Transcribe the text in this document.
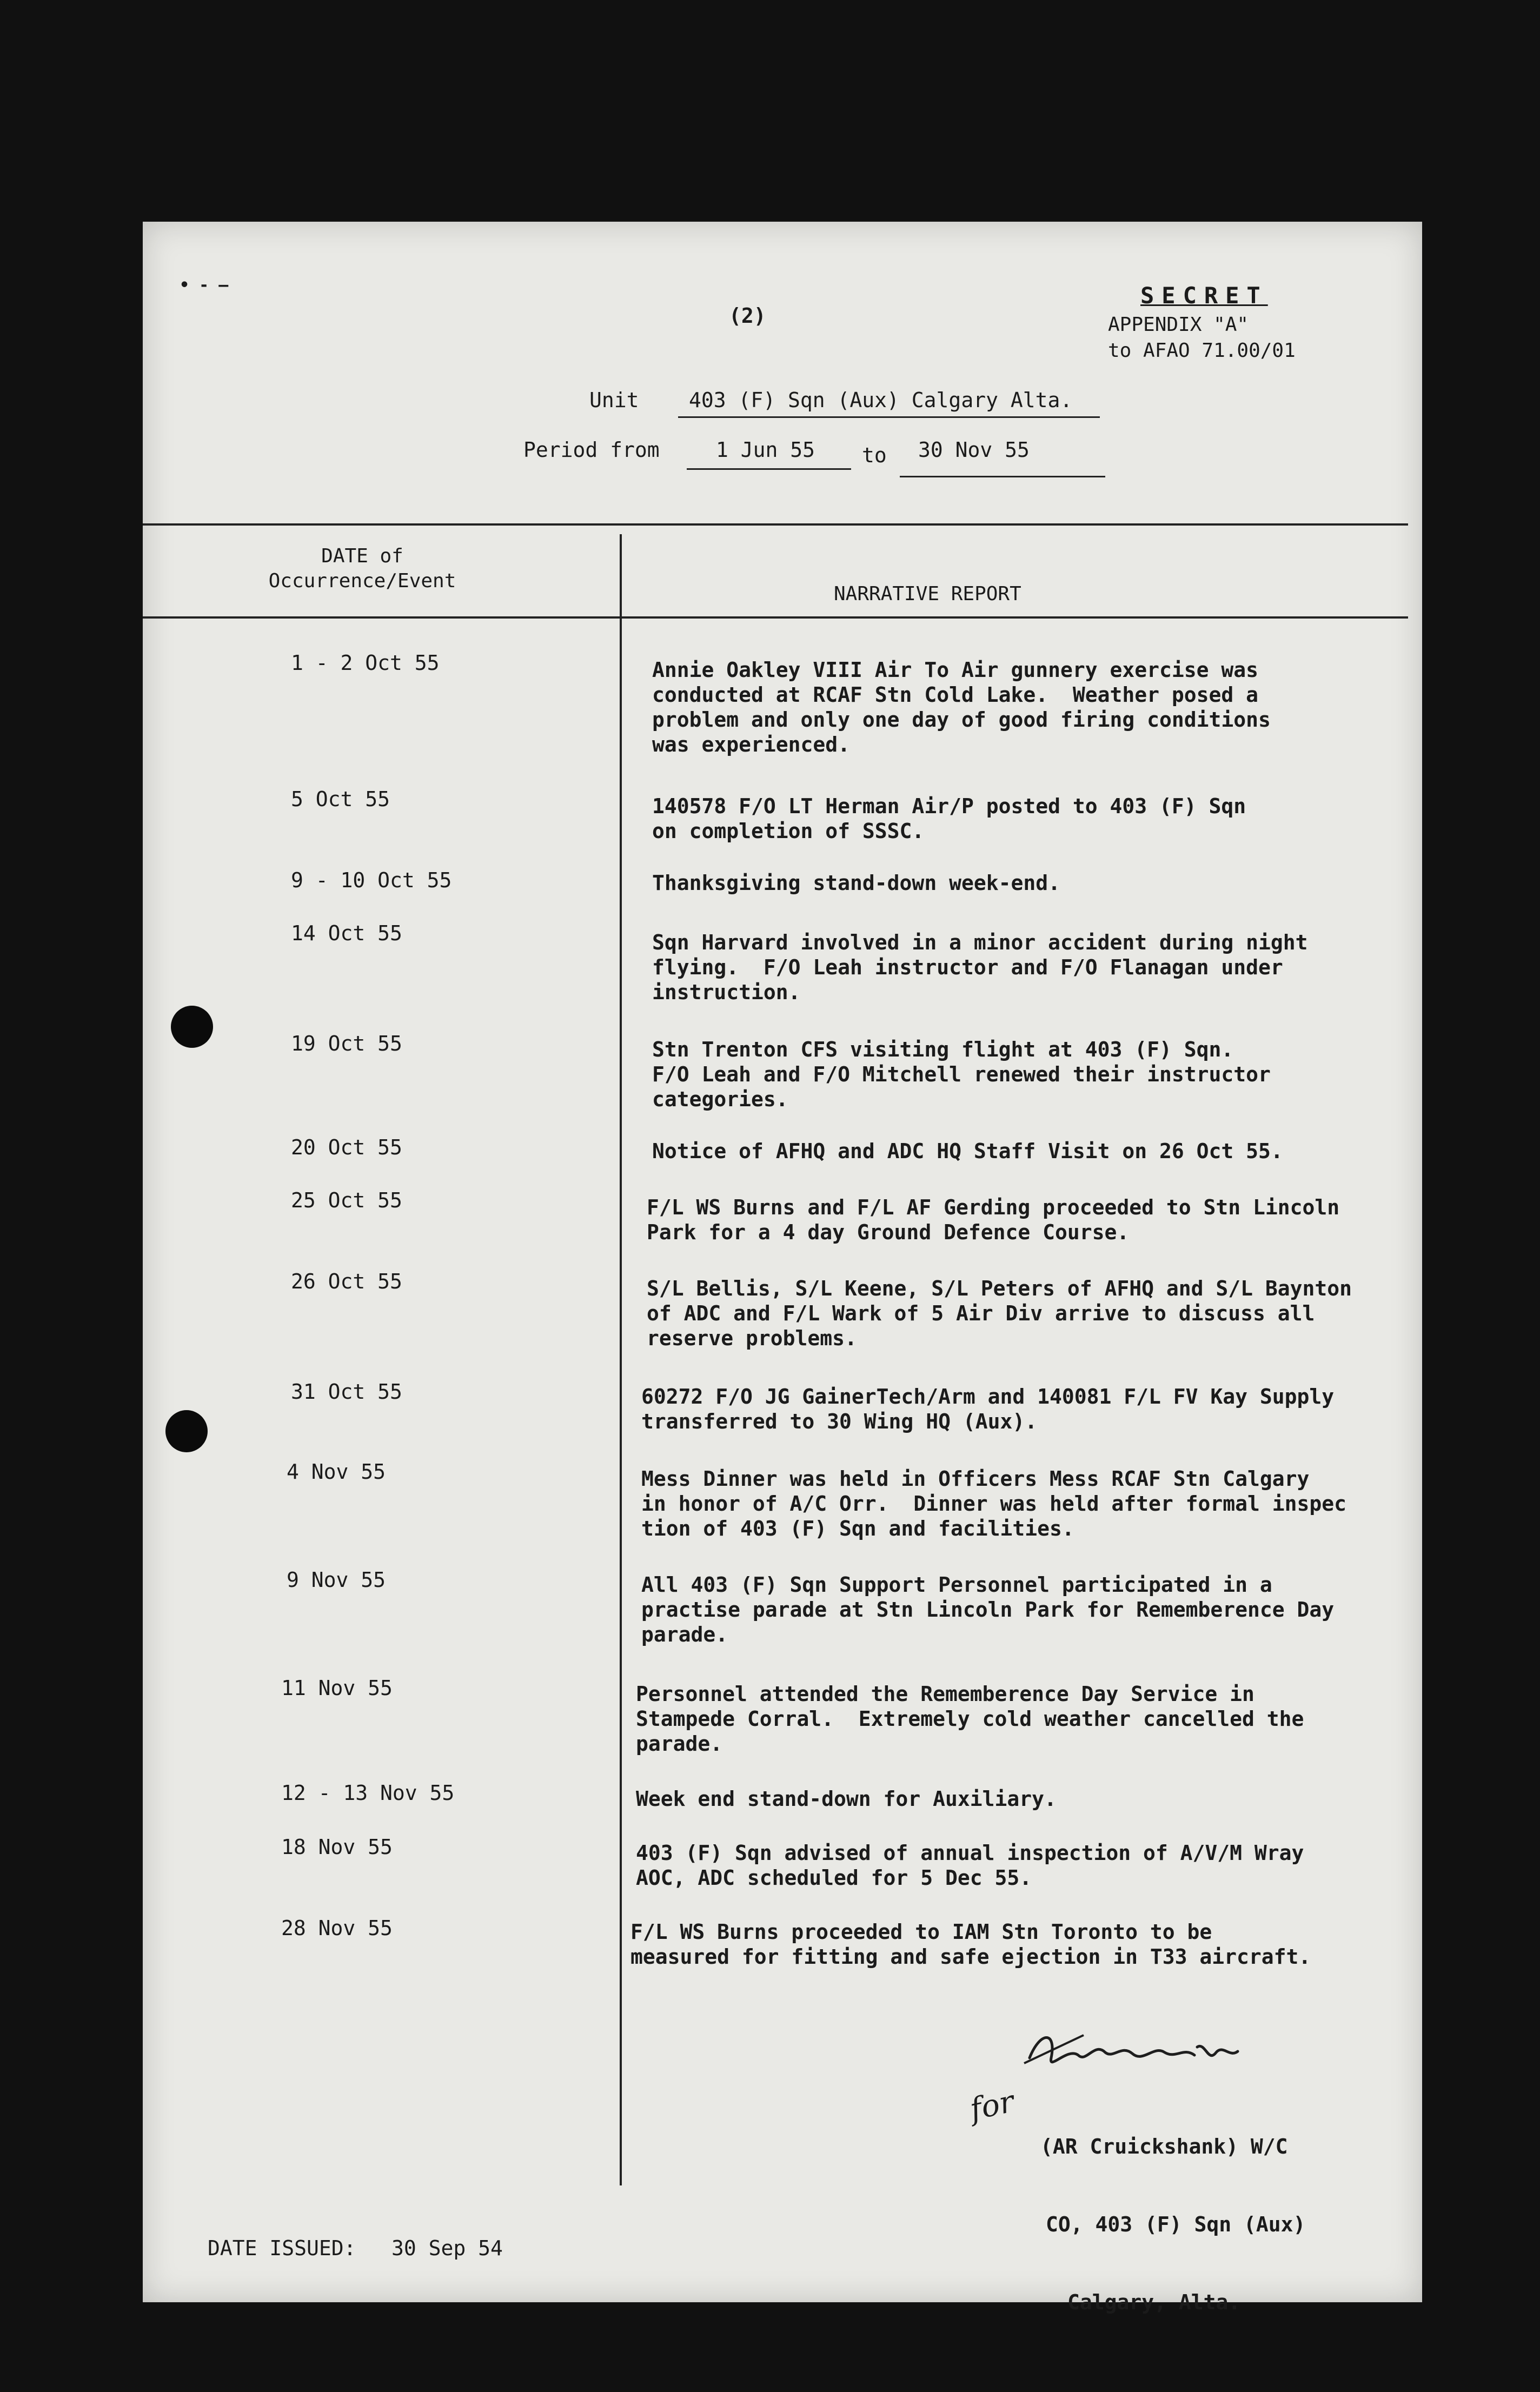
• - –
(2)
SECRET
APPENDIX "A"
to AFAO 71.00/01
Unit 403 (F) Sqn (Aux) Calgary Alta.
Period from	1 Jun 55 to 30 Nov 55
DATE of
Occurrence/Event
NARRATIVE REPORT
1 - 2 Oct 55	Annie Oakley VIII Air To Air gunnery exercise was
conducted at RCAF Stn Cold Lake.  Weather posed a
problem and only one day of good firing conditions
was experienced.
5 Oct 55	140578 F/O LT Herman Air/P posted to 403 (F) Sqn
on completion of SSSC.
9 - 10 Oct 55	Thanksgiving stand-down week-end.
14 Oct 55	Sqn Harvard involved in a minor accident during night
flying.  F/O Leah instructor and F/O Flanagan under
instruction.
19 Oct 55	Stn Trenton CFS visiting flight at 403 (F) Sqn.
F/O Leah and F/O Mitchell renewed their instructor
categories.
20 Oct 55	Notice of AFHQ and ADC HQ Staff Visit on 26 Oct 55.
25 Oct 55	F/L WS Burns and F/L AF Gerding proceeded to Stn Lincoln
Park for a 4 day Ground Defence Course.
26 Oct 55	S/L Bellis, S/L Keene, S/L Peters of AFHQ and S/L Baynton
of ADC and F/L Wark of 5 Air Div arrive to discuss all
reserve problems.
31 Oct 55	60272 F/O JG GainerTech/Arm and 140081 F/L FV Kay Supply
transferred to 30 Wing HQ (Aux).
4 Nov 55	Mess Dinner was held in Officers Mess RCAF Stn Calgary
in honor of A/C Orr.  Dinner was held after formal inspec
tion of 403 (F) Sqn and facilities.
9 Nov 55	All 403 (F) Sqn Support Personnel participated in a
practise parade at Stn Lincoln Park for Rememberence Day
parade.
11 Nov 55	Personnel attended the Rememberence Day Service in
Stampede Corral.  Extremely cold weather cancelled the
parade.
12 - 13 Nov 55	Week end stand-down for Auxiliary.
18 Nov 55	403 (F) Sqn advised of annual inspection of A/V/M Wray
AOC, ADC scheduled for 5 Dec 55.
28 Nov 55	F/L WS Burns proceeded to IAM Stn Toronto to be
measured for fitting and safe ejection in T33 aircraft.
for

(AR Cruickshank) W/C

CO, 403 (F) Sqn (Aux)

Calgary, Alta.

DATE ISSUED: 30 Sep 54
